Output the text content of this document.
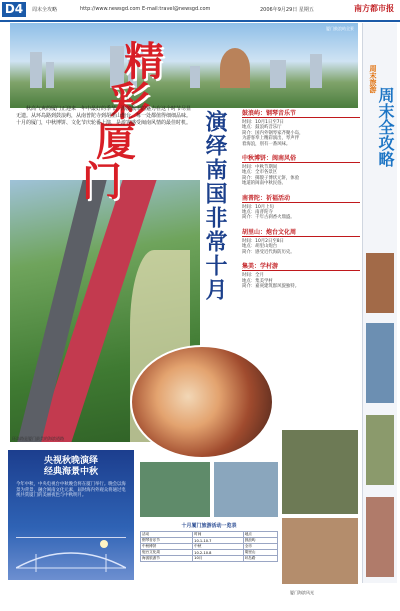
D4	周末全攻略	http://www.newsgd.com E-mail:travel@newsgd.com	2006年9月29日 星期五	南方都市报
厦门鼓浪屿全景
环岛路是厦门最美的海滨道路
精
彩
厦
门
秋高气爽的厦门正迎来一年中最好的季节，海滨城市的魅力在这个时节尽显无遗。从环岛路到鼓浪屿，从南普陀寺到胡里山炮台，每一处都值得细细品味。十月的厦门，中秋博饼、文化节庆轮番上演，是游客感受闽南风情的最佳时机。 演绎南国非常十月	鼓浪屿：钢琴音乐节
时间：10月1日至7日
地点：鼓浪屿音乐厅
简介：国内外钢琴家齐聚小岛，
为游客奉上精彩演出，琴声伴
着海浪，别有一番风味。
中秋博饼：闽南风俗
时间：中秋节期间
地点：全市各景区
简介：掷骰子博状元饼，体验
地道的闽南中秋民俗。
南普陀：祈福活动
时间：10月上旬
地点：南普陀寺
简介：千年古刹香火鼎盛。
胡里山：炮台文化周
时间：10月2日至8日
地点：胡里山炮台
简介：感受近代海防历史。
集美：学村游
时间：全月
地点：集美学村
简介：嘉庚建筑群风貌独特。
周末旅游
周末全攻略
央视秋晚演绎
经典海景中秋
今年中秋，中央电视台中秋晚会将在厦门举行。晚会以海景为背景，融合闽南文化元素，届时海内外观众将通过电视共赏厦门的美丽夜色与中秋明月。
十月厦门旅游活动一览表
活动	时间	地点
钢琴音乐节	10.1-10.7	鼓浪屿
中秋博饼	中秋	全市
炮台文化周	10.2-10.8	胡里山
海滨旅游节	10月	环岛路
厦门海滨风光
